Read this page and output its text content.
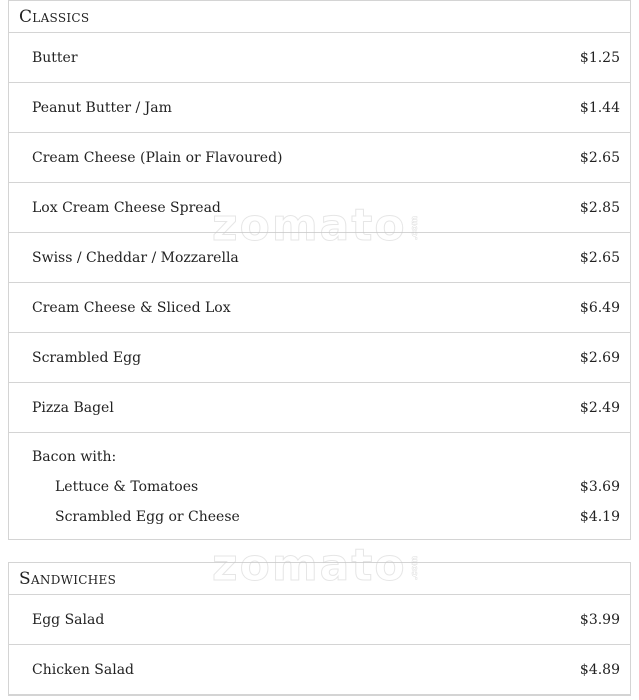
Classics
Butter	$1.25
Peanut Butter / Jam	$1.44
Cream Cheese (Plain or Flavoured)	$2.65
Lox Cream Cheese Spread	$2.85
Swiss / Cheddar / Mozzarella	$2.65
Cream Cheese & Sliced Lox	$6.49
Scrambled Egg	$2.69
Pizza Bagel	$2.49
Bacon with:
Lettuce & Tomatoes	$3.69
Scrambled Egg or Cheese	$4.19
Sandwiches
Egg Salad	$3.99
Chicken Salad	$4.89
